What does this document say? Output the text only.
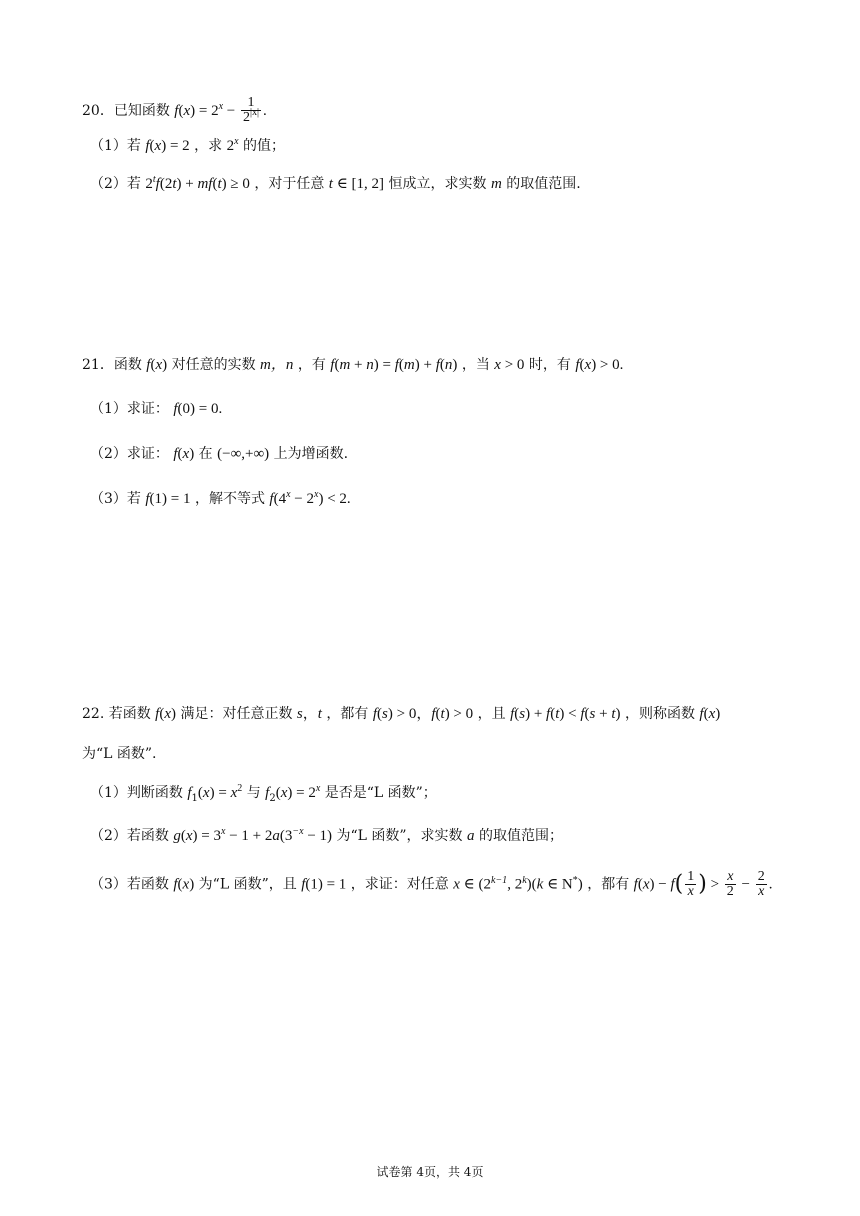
20．已知函数 $f(x) = 2^x - \frac{1}{2^{|x|}}$ .
（1）若 f(x) = 2 ，求 2$^x$ 的值；
（2）若 $2^tf(2t) + mf(t) \ge 0$ ，对于任意 t ∈ [1, 2] 恒成立，求实数 m 的取值范围.
21．函数 f(x) 对任意的实数 m，n ，有 f(m + n) = f(m) + f(n) ，当 x > 0 时，有 f(x) > 0.
（1）求证： f(0) = 0.
（2）求证： f(x) 在 (−∞,+∞) 上为增函数.
（3）若 f(1) = 1 ，解不等式 $f(4^x - 2^x) < 2$.
22. 若函数 f(x) 满足：对任意正数 s，t ，都有 f(s) > 0，f(t) > 0 ，且 f(s) + f(t) < f(s + t) ，则称函数 f(x)
为“L 函数”.
（1）判断函数 $f_1(x) = x^2$ 与 $f_2(x) = 2^x$ 是否是“L 函数”；
（2）若函数 $g(x) = 3^x - 1 + 2a(3^{-x} - 1)$ 为“L 函数”，求实数 a 的取值范围；
（3）若函数 f(x) 为“L 函数”，且 f(1) = 1 ，求证：对任意 x ∈ ($2^{k-1}$, 2$^k$)(k ∈ N*) ，都有 $f(x) - f( \frac{1}{x}$ ) > $\frac{x}{2} - \frac{2}{x}$ .
试卷第 4页，共 4页
